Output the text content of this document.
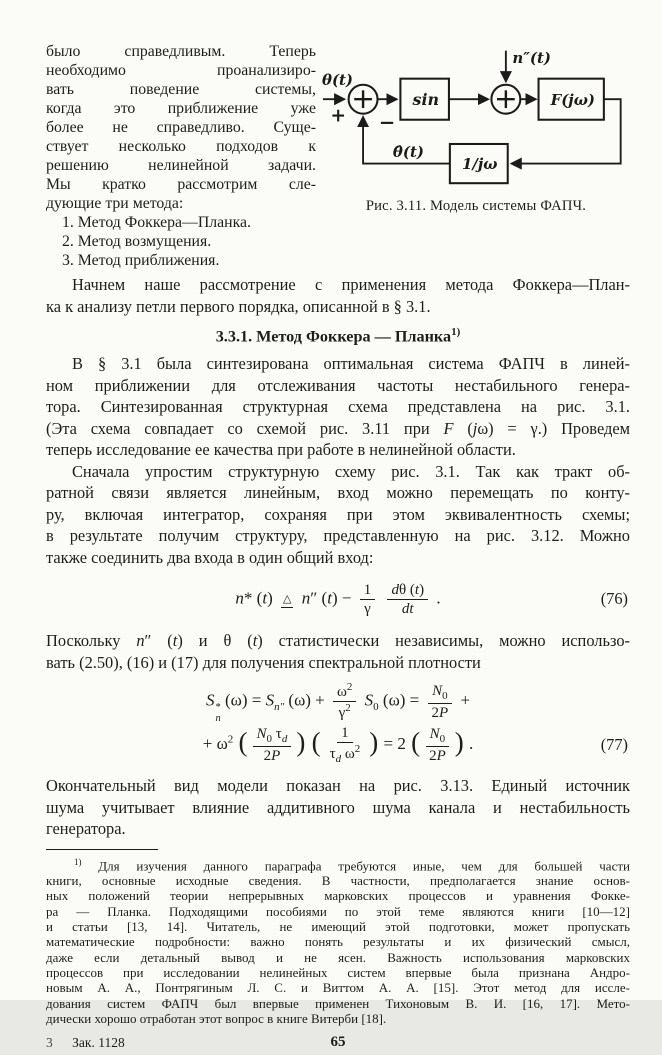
было справедливым. Теперь
необходимо проанализиро-
вать поведение системы,
когда это приближение уже
более не справедливо. Суще-
ствует несколько подходов к
решению нелинейной задачи.
Мы кратко рассмотрим сле-
дующие три метода:
1. Метод Фоккера—Планка.
2. Метод возмущения.
3. Метод приближения.
θ(t)
+ −
sin
n″(t)
F(jω)
1/jω
θ̂(t)
Рис. 3.11. Модель системы ФАПЧ.
Начнем наше рассмотрение с применения метода Фоккера—План-
ка к анализу петли первого порядка, описанной в § 3.1.
3.3.1. Метод Фоккера — Планка$^{1)}$
В § 3.1 была синтезирована оптимальная система ФАПЧ в линей-
ном приближении для отслеживания частоты нестабильного генера-
тора. Синтезированная структурная схема представлена на рис. 3.1.
(Эта схема совпадает со схемой рис. 3.11 при F (jω) = γ.) Проведем
теперь исследование ее качества при работе в нелинейной области.
Сначала упростим структурную схему рис. 3.1. Так как тракт об-
ратной связи является линейным, вход можно перемещать по конту-
ру, включая интегратор, сохраняя при этом эквивалентность схемы;
в результате получим структуру, представленную на рис. 3.12. Можно
также соединить два входа в один общий вход:
n* (t) △ n″ $(t) - \frac{1}{\gamma}$
$\frac{d\theta (t)}{dt}$ .	(76)
Поскольку n″ (t) и θ (t) статистически независимы, можно использо-
вать (2.50), (16) и (17) для получения спектральной плотности
S *
n
$(\omega) = S_{n''}$ $(\omega) + \frac{\omega^2}{\gamma^2} S_0$ $(\omega) = \frac{N_0}{2P}$ +
+ $\omega^2$ ( $\frac{N_0 \tau_d}{2P}$ ) ( $\frac{1}{\tau_d \omega^2}$ ) = 2 ( $\frac{N_0}{2P}$ ) .	(77)
Окончательный вид модели показан на рис. 3.13. Единый источник
шума учитывает влияние аддитивного шума канала и нестабильность
генератора.
$^{1)}$ Для изучения данного параграфа требуются иные, чем для большей части
книги, основные исходные сведения. В частности, предполагается знание основ-
ных положений теории непрерывных марковских процессов и уравнения Фокке-
ра — Планка. Подходящими пособиями по этой теме являются книги [10—12]
и статьи [13, 14]. Читатель, не имеющий этой подготовки, может пропускать
математические подробности: важно понять результаты и их физический смысл,
даже если детальный вывод и не ясен. Важность использования марковских
процессов при исследовании нелинейных систем впервые была признана Андро-
новым А. А., Понтрягиным Л. С. и Виттом А. А. [15]. Этот метод для иссле-
дования систем ФАПЧ был впервые применен Тихоновым В. И. [16, 17]. Мето-
дически хорошо отработан этот вопрос в книге Витерби [18].
3 Зак. 1128	65
